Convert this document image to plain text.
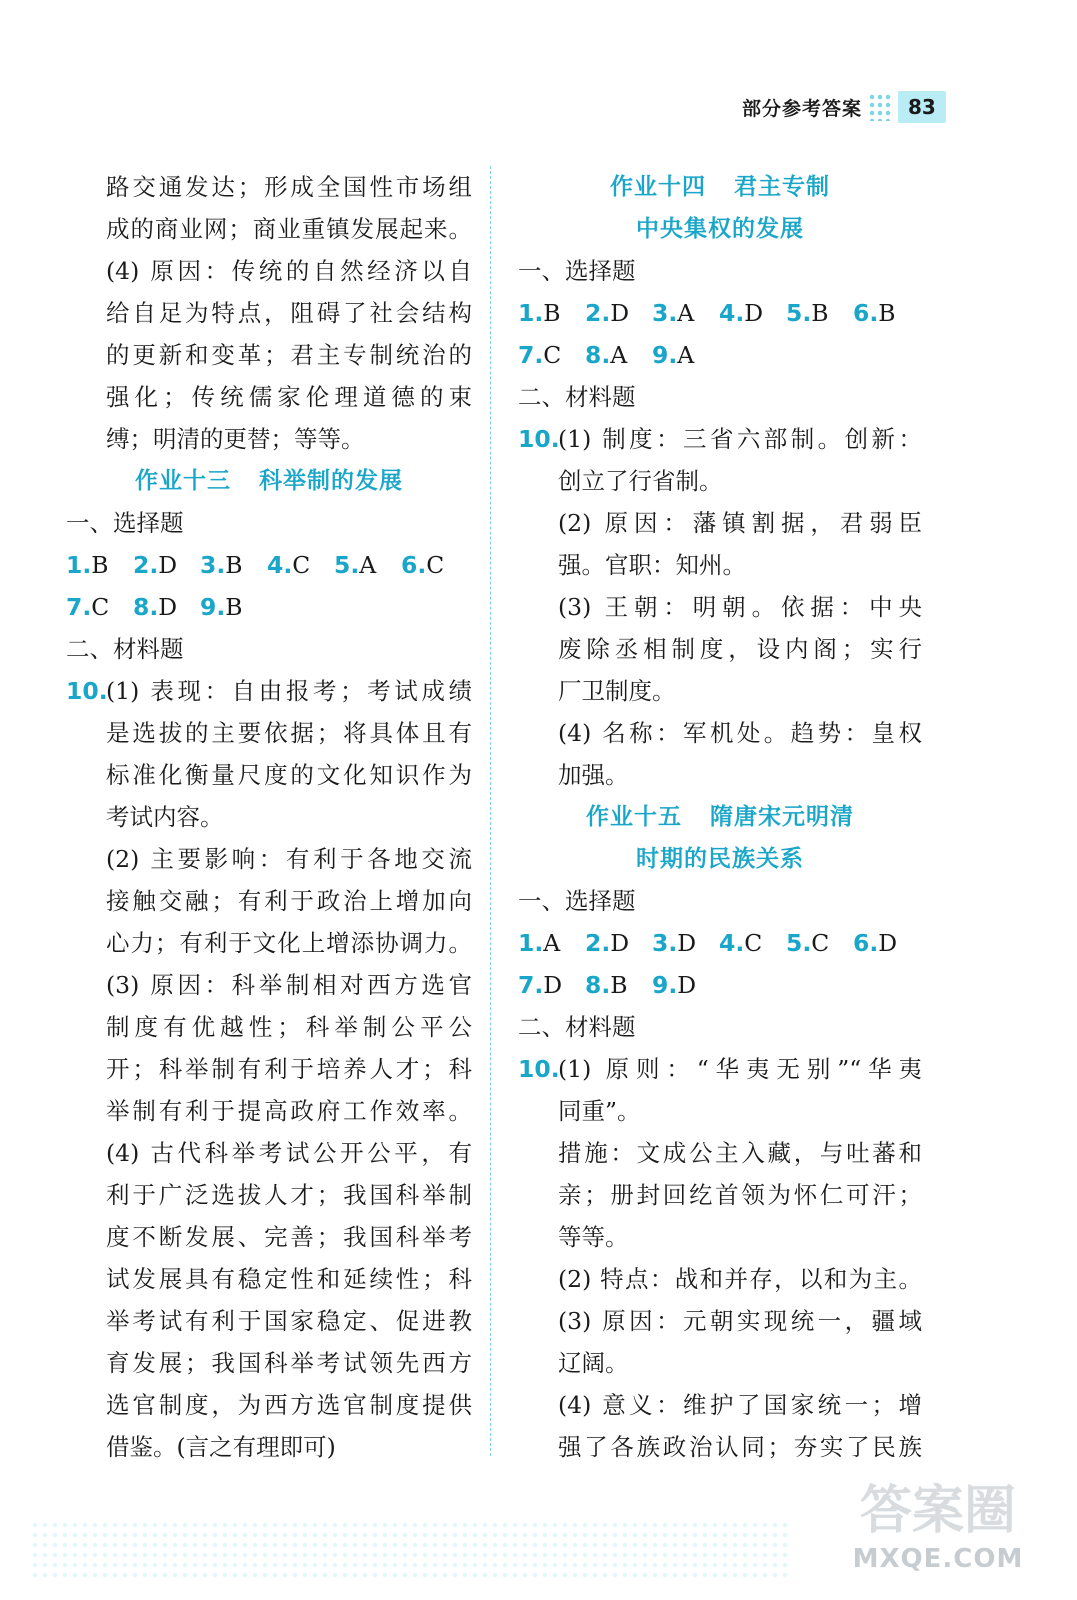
部分参考答案	83
路交通发达；形成全国性市场组
成的商业网；商业重镇发展起来。
(4) 原因：传统的自然经济以自
给自足为特点，阻碍了社会结构
的更新和变革；君主专制统治的
强化；传统儒家伦理道德的束
缚；明清的更替；等等。
作业十三 科举制的发展
一、选择题
1.B	2.D 3.B	4.C	5.A	6.C
7.C	8.D 9.B
二、材料题
10.
(1) 表现：自由报考；考试成绩
是选拔的主要依据；将具体且有
标准化衡量尺度的文化知识作为
考试内容。
(2) 主要影响：有利于各地交流
接触交融；有利于政治上增加向
心力；有利于文化上增添协调力。
(3) 原因：科举制相对西方选官
制度有优越性；科举制公平公
开；科举制有利于培养人才；科
举制有利于提高政府工作效率。
(4) 古代科举考试公开公平，有
利于广泛选拔人才；我国科举制
度不断发展、完善；我国科举考
试发展具有稳定性和延续性；科
举考试有利于国家稳定、促进教
育发展；我国科举考试领先西方
选官制度，为西方选官制度提供
借鉴。(言之有理即可)
作业十四 君主专制
中央集权的发展
一、选择题
1.B	2.D 3.A	4.D 5.B	6.B
7.C	8.A	9.A
二、材料题
10.
(1) 制度：三省六部制。创新：
创立了行省制。
(2) 原因：藩镇割据，君弱臣
强。官职：知州。
(3) 王朝：明朝。依据：中央
废除丞相制度，设内阁；实行
厂卫制度。
(4) 名称：军机处。趋势：皇权
加强。
作业十五 隋唐宋元明清
时期的民族关系
一、选择题
1.A	2.D 3.D 4.C	5.C	6.D
7.D 8.B	9.D
二、材料题
10.
(1) 原则：“华夷无别”“华夷
同重”。
措施：文成公主入藏，与吐蕃和
亲；册封回纥首领为怀仁可汗；
等等。
(2) 特点：战和并存，以和为主。
(3) 原因：元朝实现统一，疆域
辽阔。
(4) 意义：维护了国家统一；增
强了各族政治认同；夯实了民族
答案圈
MXQE.COM
